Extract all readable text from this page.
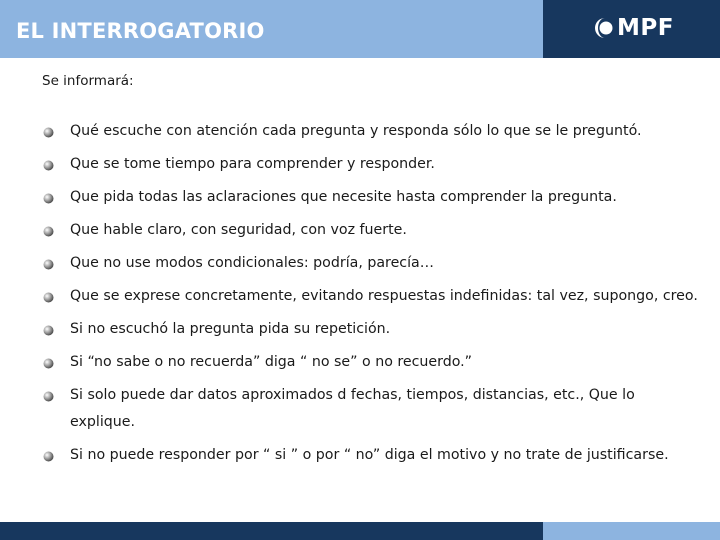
EL INTERROGATORIO	MPF
Se informará:
Qué escuche con atención cada pregunta y responda sólo lo que se le preguntó.
Que se tome tiempo para comprender y responder.
Que pida todas las aclaraciones que necesite hasta comprender la pregunta.
Que hable claro, con seguridad, con voz fuerte.
Que no use modos condicionales: podría, parecía…
Que se exprese concretamente, evitando respuestas indefinidas: tal vez, supongo, creo.
Si no escuchó la pregunta pida su repetición.
Si “no sabe o no recuerda” diga “ no se” o no recuerdo.”
Si solo puede dar datos aproximados d fechas, tiempos, distancias, etc., Que lo explique.
Si no puede responder por “ si ” o por “ no” diga el motivo y no trate de justificarse.
